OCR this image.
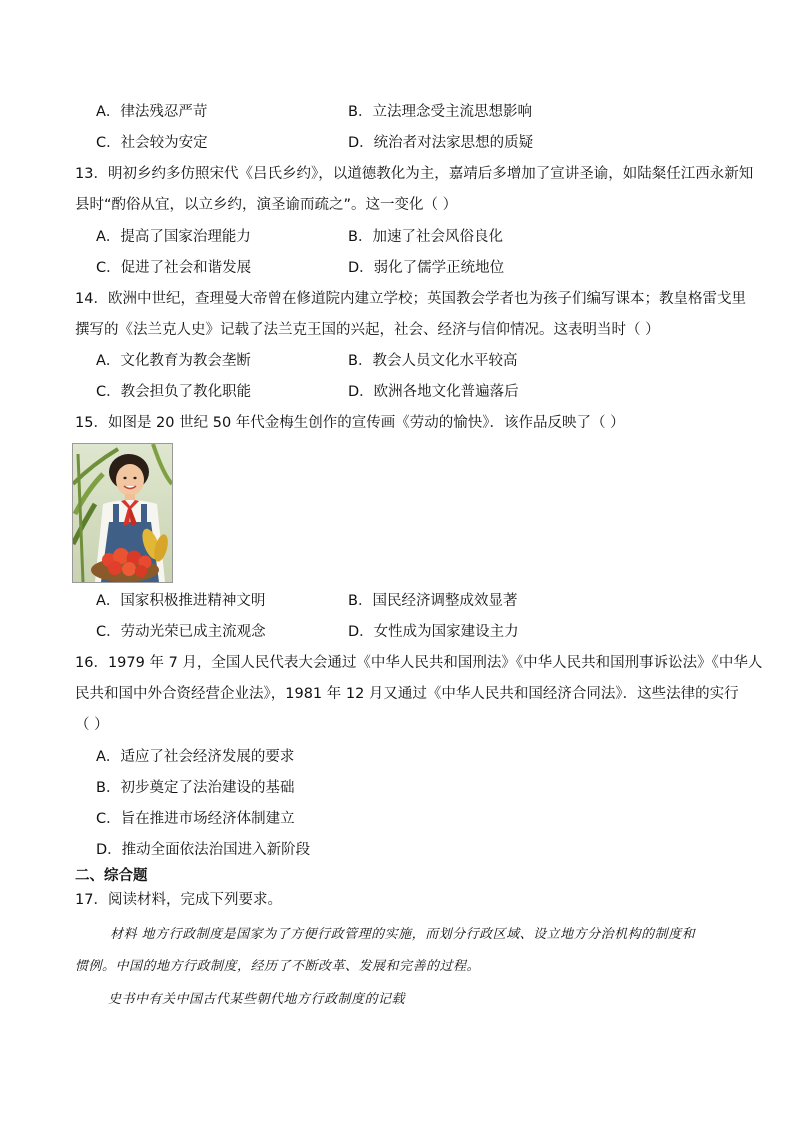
A．律法残忍严苛	B．立法理念受主流思想影响
C．社会较为安定	D．统治者对法家思想的质疑
13．明初乡约多仿照宋代《吕氏乡约》，以道德教化为主，嘉靖后多增加了宣讲圣谕，如陆粲任江西永新知
县时“酌俗从宜，以立乡约，演圣谕而疏之”。这一变化（ ）
A．提高了国家治理能力	B．加速了社会风俗良化
C．促进了社会和谐发展	D．弱化了儒学正统地位
14．欧洲中世纪，查理曼大帝曾在修道院内建立学校；英国教会学者也为孩子们编写课本；教皇格雷戈里
撰写的《法兰克人史》记载了法兰克王国的兴起，社会、经济与信仰情况。这表明当时（ ）
A．文化教育为教会垄断	B．教会人员文化水平较高
C．教会担负了教化职能	D．欧洲各地文化普遍落后
15．如图是 20 世纪 50 年代金梅生创作的宣传画《劳动的愉快》．该作品反映了（ ）
A．国家积极推进精神文明	B．国民经济调整成效显著
C．劳动光荣已成主流观念	D．女性成为国家建设主力
16．1979 年 7 月，全国人民代表大会通过《中华人民共和国刑法》《中华人民共和国刑事诉讼法》《中华人
民共和国中外合资经营企业法》，1981 年 12 月又通过《中华人民共和国经济合同法》．这些法律的实行
（ ）
A．适应了社会经济发展的要求
B．初步奠定了法治建设的基础
C．旨在推进市场经济体制建立
D．推动全面依法治国进入新阶段
二、综合题
17．阅读材料，完成下列要求。
材料 地方行政制度是国家为了方便行政管理的实施，而划分行政区域、设立地方分治机构的制度和
惯例。中国的地方行政制度，经历了不断改革、发展和完善的过程。
史书中有关中国古代某些朝代地方行政制度的记载
